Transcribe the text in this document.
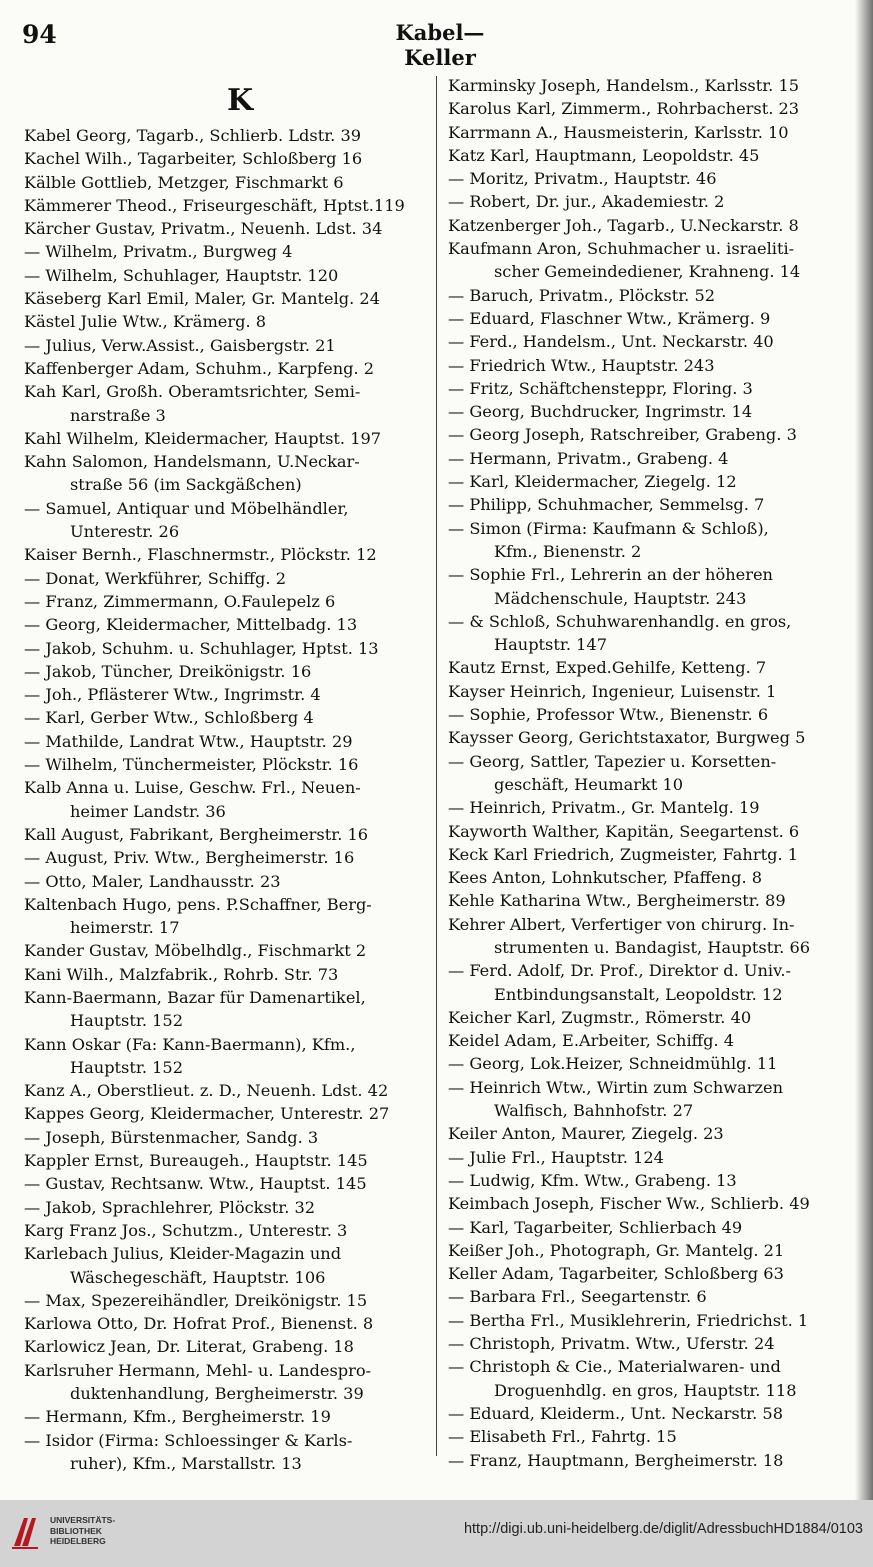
94	Kabel—Keller
K
Kabel Georg, Tagarb., Schlierb. Ldstr. 39
Kachel Wilh., Tagarbeiter, Schloßberg 16
Kälble Gottlieb, Metzger, Fischmarkt 6
Kämmerer Theod., Friseurgeschäft, Hptst.119
Kärcher Gustav, Privatm., Neuenh. Ldst. 34
— Wilhelm, Privatm., Burgweg 4
— Wilhelm, Schuhlager, Hauptstr. 120
Käseberg Karl Emil, Maler, Gr. Mantelg. 24
Kästel Julie Wtw., Krämerg. 8
— Julius, Verw.Assist., Gaisbergstr. 21
Kaffenberger Adam, Schuhm., Karpfeng. 2
Kah Karl, Großh. Oberamtsrichter, Semi-
narstraße 3
Kahl Wilhelm, Kleidermacher, Hauptst. 197
Kahn Salomon, Handelsmann, U.Neckar-
straße 56 (im Sackgäßchen)
— Samuel, Antiquar und Möbelhändler,
Unterestr. 26
Kaiser Bernh., Flaschnermstr., Plöckstr. 12
— Donat, Werkführer, Schiffg. 2
— Franz, Zimmermann, O.Faulepelz 6
— Georg, Kleidermacher, Mittelbadg. 13
— Jakob, Schuhm. u. Schuhlager, Hptst. 13
— Jakob, Tüncher, Dreikönigstr. 16
— Joh., Pflästerer Wtw., Ingrimstr. 4
— Karl, Gerber Wtw., Schloßberg 4
— Mathilde, Landrat Wtw., Hauptstr. 29
— Wilhelm, Tünchermeister, Plöckstr. 16
Kalb Anna u. Luise, Geschw. Frl., Neuen-
heimer Landstr. 36
Kall August, Fabrikant, Bergheimerstr. 16
— August, Priv. Wtw., Bergheimerstr. 16
— Otto, Maler, Landhausstr. 23
Kaltenbach Hugo, pens. P.Schaffner, Berg-
heimerstr. 17
Kander Gustav, Möbelhdlg., Fischmarkt 2
Kani Wilh., Malzfabrik., Rohrb. Str. 73
Kann-Baermann, Bazar für Damenartikel,
Hauptstr. 152
Kann Oskar (Fa: Kann-Baermann), Kfm.,
Hauptstr. 152
Kanz A., Oberstlieut. z. D., Neuenh. Ldst. 42
Kappes Georg, Kleidermacher, Unterestr. 27
— Joseph, Bürstenmacher, Sandg. 3
Kappler Ernst, Bureaugeh., Hauptstr. 145
— Gustav, Rechtsanw. Wtw., Hauptst. 145
— Jakob, Sprachlehrer, Plöckstr. 32
Karg Franz Jos., Schutzm., Unterestr. 3
Karlebach Julius, Kleider-Magazin und
Wäschegeschäft, Hauptstr. 106
— Max, Spezereihändler, Dreikönigstr. 15
Karlowa Otto, Dr. Hofrat Prof., Bienenst. 8
Karlowicz Jean, Dr. Literat, Grabeng. 18
Karlsruher Hermann, Mehl- u. Landespro-
duktenhandlung, Bergheimerstr. 39
— Hermann, Kfm., Bergheimerstr. 19
— Isidor (Firma: Schloessinger & Karls-
ruher), Kfm., Marstallstr. 13
Karminsky Joseph, Handelsm., Karlsstr. 15
Karolus Karl, Zimmerm., Rohrbacherst. 23
Karrmann A., Hausmeisterin, Karlsstr. 10
Katz Karl, Hauptmann, Leopoldstr. 45
— Moritz, Privatm., Hauptstr. 46
— Robert, Dr. jur., Akademiestr. 2
Katzenberger Joh., Tagarb., U.Neckarstr. 8
Kaufmann Aron, Schuhmacher u. israeliti-
scher Gemeindediener, Krahneng. 14
— Baruch, Privatm., Plöckstr. 52
— Eduard, Flaschner Wtw., Krämerg. 9
— Ferd., Handelsm., Unt. Neckarstr. 40
— Friedrich Wtw., Hauptstr. 243
— Fritz, Schäftchensteppr, Floring. 3
— Georg, Buchdrucker, Ingrimstr. 14
— Georg Joseph, Ratschreiber, Grabeng. 3
— Hermann, Privatm., Grabeng. 4
— Karl, Kleidermacher, Ziegelg. 12
— Philipp, Schuhmacher, Semmelsg. 7
— Simon (Firma: Kaufmann & Schloß),
Kfm., Bienenstr. 2
— Sophie Frl., Lehrerin an der höheren
Mädchenschule, Hauptstr. 243
— & Schloß, Schuhwarenhandlg. en gros,
Hauptstr. 147
Kautz Ernst, Exped.Gehilfe, Ketteng. 7
Kayser Heinrich, Ingenieur, Luisenstr. 1
— Sophie, Professor Wtw., Bienenstr. 6
Kaysser Georg, Gerichtstaxator, Burgweg 5
— Georg, Sattler, Tapezier u. Korsetten-
geschäft, Heumarkt 10
— Heinrich, Privatm., Gr. Mantelg. 19
Kayworth Walther, Kapitän, Seegartenst. 6
Keck Karl Friedrich, Zugmeister, Fahrtg. 1
Kees Anton, Lohnkutscher, Pfaffeng. 8
Kehle Katharina Wtw., Bergheimerstr. 89
Kehrer Albert, Verfertiger von chirurg. In-
strumenten u. Bandagist, Hauptstr. 66
— Ferd. Adolf, Dr. Prof., Direktor d. Univ.-
Entbindungsanstalt, Leopoldstr. 12
Keicher Karl, Zugmstr., Römerstr. 40
Keidel Adam, E.Arbeiter, Schiffg. 4
— Georg, Lok.Heizer, Schneidmühlg. 11
— Heinrich Wtw., Wirtin zum Schwarzen
Walfisch, Bahnhofstr. 27
Keiler Anton, Maurer, Ziegelg. 23
— Julie Frl., Hauptstr. 124
— Ludwig, Kfm. Wtw., Grabeng. 13
Keimbach Joseph, Fischer Ww., Schlierb. 49
— Karl, Tagarbeiter, Schlierbach 49
Keißer Joh., Photograph, Gr. Mantelg. 21
Keller Adam, Tagarbeiter, Schloßberg 63
— Barbara Frl., Seegartenstr. 6
— Bertha Frl., Musiklehrerin, Friedrichst. 1
— Christoph, Privatm. Wtw., Uferstr. 24
— Christoph & Cie., Materialwaren- und
Droguenhdlg. en gros, Hauptstr. 118
— Eduard, Kleiderm., Unt. Neckarstr. 58
— Elisabeth Frl., Fahrtg. 15
— Franz, Hauptmann, Bergheimerstr. 18
UNIVERSITÄTS-
BIBLIOTHEK
HEIDELBERG
http://digi.ub.uni-heidelberg.de/diglit/AdressbuchHD1884/0103
